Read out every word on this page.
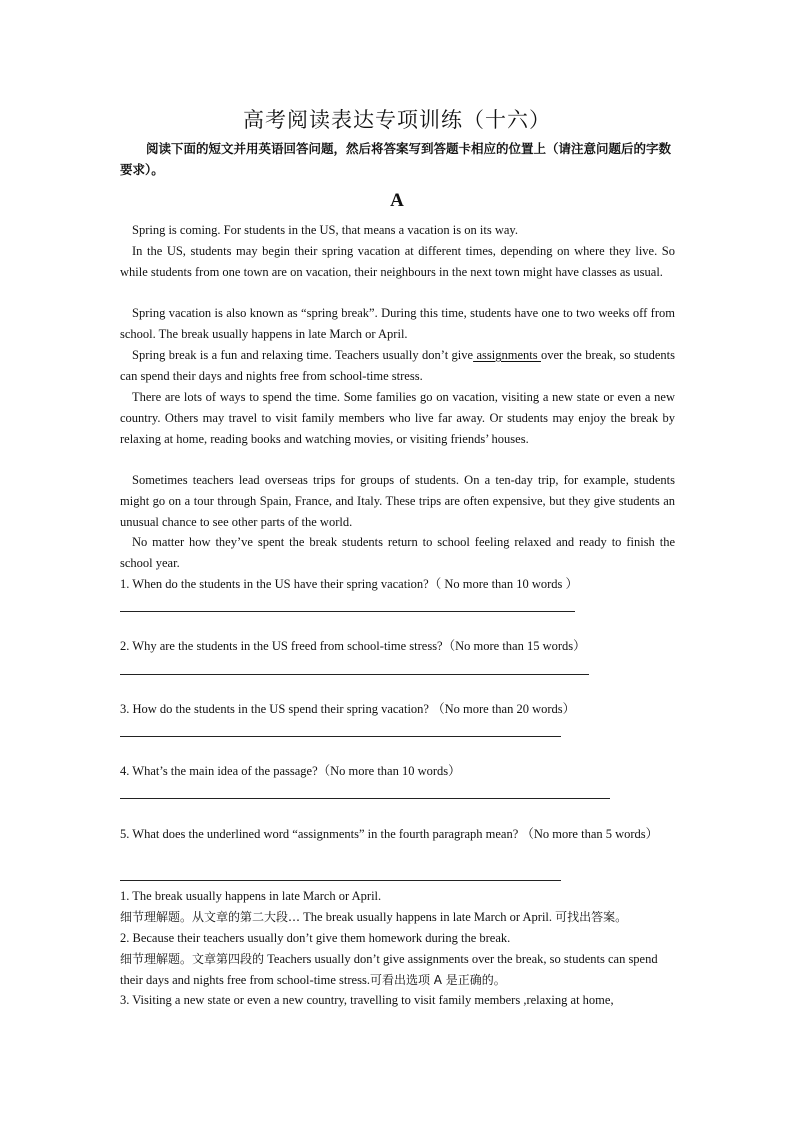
高考阅读表达专项训练（十六）
阅读下面的短文并用英语回答问题，然后将答案写到答题卡相应的位置上（请注意问题后的字数要求）。
A
Spring is coming. For students in the US, that means a vacation is on its way.
In the US, students may begin their spring vacation at different times, depending on where they live. So while students from one town are on vacation, their neighbours in the next town might have classes as usual.
Spring vacation is also known as “spring break”. During this time, students have one to two weeks off from school. The break usually happens in late March or April.
Spring break is a fun and relaxing time. Teachers usually don’t give assignments over the break, so students can spend their days and nights free from school-time stress.
There are lots of ways to spend the time. Some families go on vacation, visiting a new state or even a new country. Others may travel to visit family members who live far away. Or students may enjoy the break by relaxing at home, reading books and watching movies, or visiting friends’ houses.
Sometimes teachers lead overseas trips for groups of students. On a ten-day trip, for example, students might go on a tour through Spain, France, and Italy. These trips are often expensive, but they give students an unusual chance to see other parts of the world.
No matter how they’ve spent the break students return to school feeling relaxed and ready to finish the school year.
1. When do the students in the US have their spring vacation?（ No more than 10 words ）
2. Why are the students in the US freed from school-time stress?（No more than 15 words）
3. How do the students in the US spend their spring vacation? （No more than 20 words）
4. What’s the main idea of the passage?（No more than 10 words）
5. What does the underlined word “assignments” in the fourth paragraph mean? （No more than 5 words）
1. The break usually happens in late March or April.
细节理解题。从文章的第二大段… The break usually happens in late March or April. 可找出答案。
2. Because their teachers usually don’t give them homework during the break.
细节理解题。文章第四段的 Teachers usually don’t give assignments over the break, so students can spend their days and nights free from school-time stress.可看出选项 A 是正确的。
3. Visiting a new state or even a new country, travelling to visit family members ,relaxing at home,
